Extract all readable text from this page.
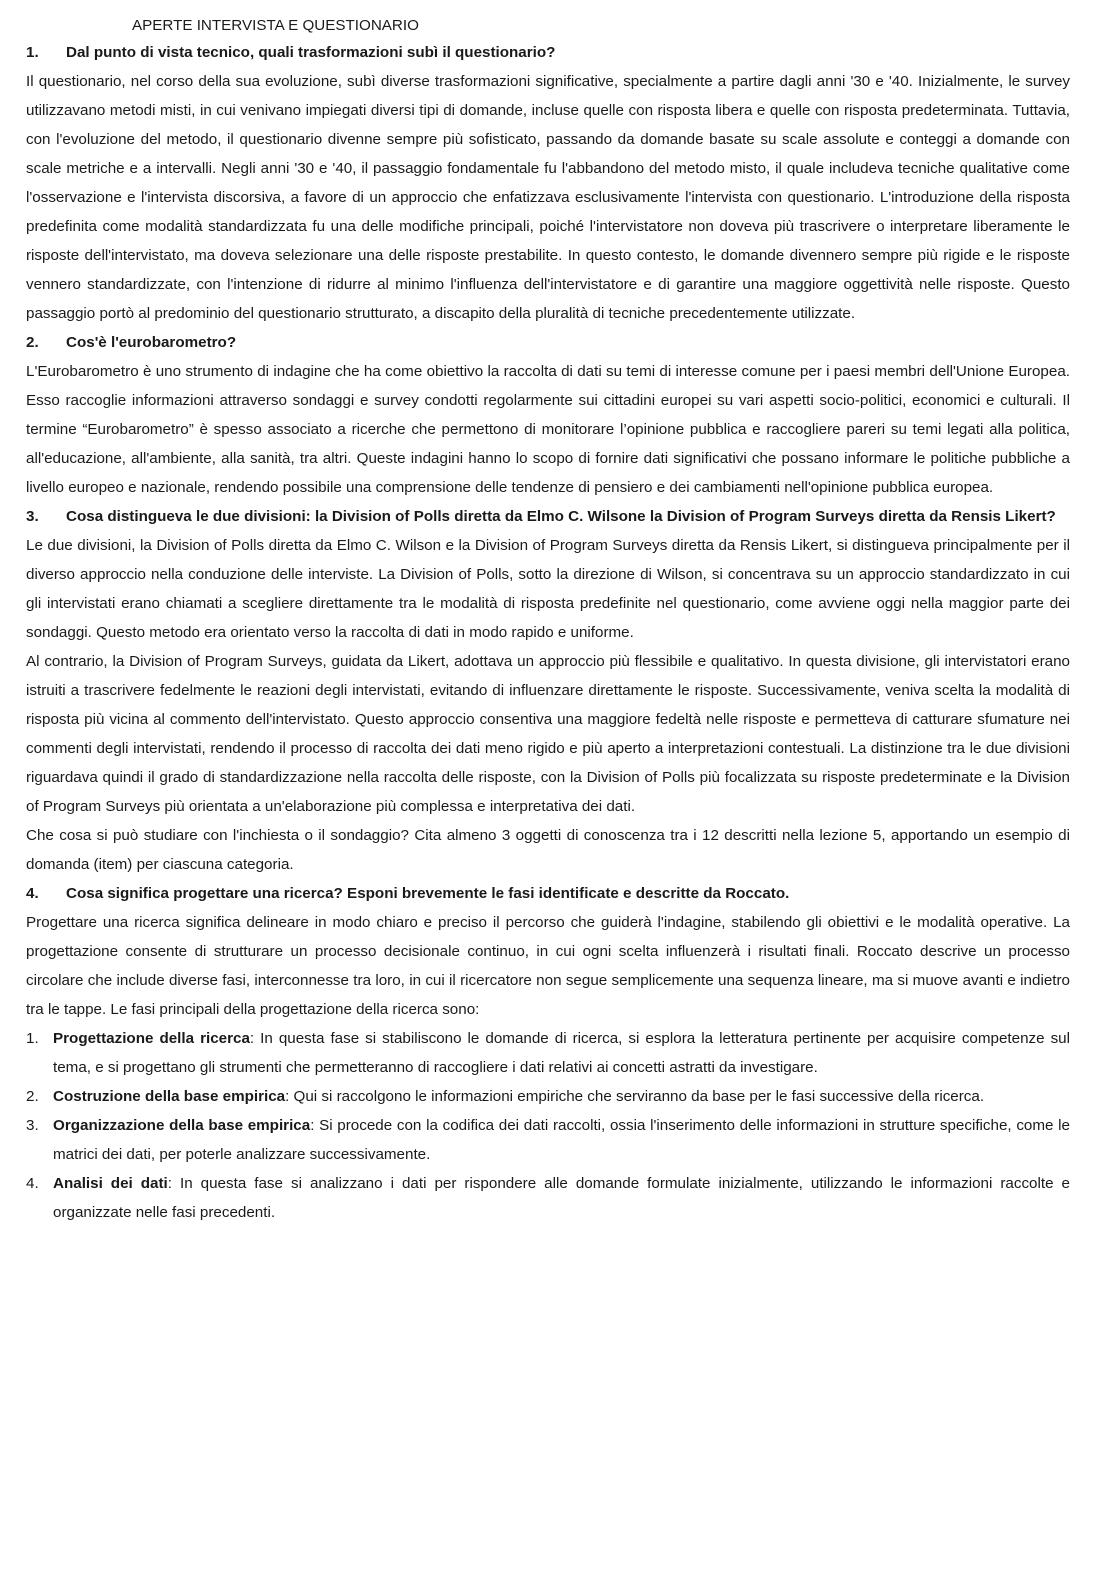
APERTE INTERVISTA E QUESTIONARIO
1.	Dal punto di vista tecnico, quali trasformazioni subì il questionario?

Il questionario, nel corso della sua evoluzione, subì diverse trasformazioni significative, specialmente a partire dagli anni '30 e '40. Inizialmente, le survey utilizzavano metodi misti, in cui venivano impiegati diversi tipi di domande, incluse quelle con risposta libera e quelle con risposta predeterminata. Tuttavia, con l'evoluzione del metodo, il questionario divenne sempre più sofisticato, passando da domande basate su scale assolute e conteggi a domande con scale metriche e a intervalli. Negli anni '30 e '40, il passaggio fondamentale fu l'abbandono del metodo misto, il quale includeva tecniche qualitative come l'osservazione e l'intervista discorsiva, a favore di un approccio che enfatizzava esclusivamente l'intervista con questionario. L'introduzione della risposta predefinita come modalità standardizzata fu una delle modifiche principali, poiché l'intervistatore non doveva più trascrivere o interpretare liberamente le risposte dell'intervistato, ma doveva selezionare una delle risposte prestabilite. In questo contesto, le domande divennero sempre più rigide e le risposte vennero standardizzate, con l'intenzione di ridurre al minimo l'influenza dell'intervistatore e di garantire una maggiore oggettività nelle risposte. Questo passaggio portò al predominio del questionario strutturato, a discapito della pluralità di tecniche precedentemente utilizzate.

2.	Cos'è l'eurobarometro?

L'Eurobarometro è uno strumento di indagine che ha come obiettivo la raccolta di dati su temi di interesse comune per i paesi membri dell'Unione Europea. Esso raccoglie informazioni attraverso sondaggi e survey condotti regolarmente sui cittadini europei su vari aspetti socio-politici, economici e culturali. Il termine “Eurobarometro” è spesso associato a ricerche che permettono di monitorare l’opinione pubblica e raccogliere pareri su temi legati alla politica, all'educazione, all'ambiente, alla sanità, tra altri. Queste indagini hanno lo scopo di fornire dati significativi che possano informare le politiche pubbliche a livello europeo e nazionale, rendendo possibile una comprensione delle tendenze di pensiero e dei cambiamenti nell'opinione pubblica europea.

3.	Cosa distingueva le due divisioni: la Division of Polls diretta da Elmo C. Wilsone la Division of Program Surveys diretta da Rensis Likert?

Le due divisioni, la Division of Polls diretta da Elmo C. Wilson e la Division of Program Surveys diretta da Rensis Likert, si distingueva principalmente per il diverso approccio nella conduzione delle interviste. La Division of Polls, sotto la direzione di Wilson, si concentrava su un approccio standardizzato in cui gli intervistati erano chiamati a scegliere direttamente tra le modalità di risposta predefinite nel questionario, come avviene oggi nella maggior parte dei sondaggi. Questo metodo era orientato verso la raccolta di dati in modo rapido e uniforme.

Al contrario, la Division of Program Surveys, guidata da Likert, adottava un approccio più flessibile e qualitativo. In questa divisione, gli intervistatori erano istruiti a trascrivere fedelmente le reazioni degli intervistati, evitando di influenzare direttamente le risposte. Successivamente, veniva scelta la modalità di risposta più vicina al commento dell'intervistato. Questo approccio consentiva una maggiore fedeltà nelle risposte e permetteva di catturare sfumature nei commenti degli intervistati, rendendo il processo di raccolta dei dati meno rigido e più aperto a interpretazioni contestuali. La distinzione tra le due divisioni riguardava quindi il grado di standardizzazione nella raccolta delle risposte, con la Division of Polls più focalizzata su risposte predeterminate e la Division of Program Surveys più orientata a un'elaborazione più complessa e interpretativa dei dati.

Che cosa si può studiare con l'inchiesta o il sondaggio? Cita almeno 3 oggetti di conoscenza tra i 12 descritti nella lezione 5, apportando un esempio di domanda (item) per ciascuna categoria.

4.	Cosa significa progettare una ricerca? Esponi brevemente le fasi identificate e descritte da Roccato.

Progettare una ricerca significa delineare in modo chiaro e preciso il percorso che guiderà l'indagine, stabilendo gli obiettivi e le modalità operative. La progettazione consente di strutturare un processo decisionale continuo, in cui ogni scelta influenzerà i risultati finali. Roccato descrive un processo circolare che include diverse fasi, interconnesse tra loro, in cui il ricercatore non segue semplicemente una sequenza lineare, ma si muove avanti e indietro tra le tappe. Le fasi principali della progettazione della ricerca sono:

1. Progettazione della ricerca: In questa fase si stabiliscono le domande di ricerca, si esplora la letteratura pertinente per acquisire competenze sul tema, e si progettano gli strumenti che permetteranno di raccogliere i dati relativi ai concetti astratti da investigare.
2. Costruzione della base empirica: Qui si raccolgono le informazioni empiriche che serviranno da base per le fasi successive della ricerca.
3. Organizzazione della base empirica: Si procede con la codifica dei dati raccolti, ossia l'inserimento delle informazioni in strutture specifiche, come le matrici dei dati, per poterle analizzare successivamente.
4. Analisi dei dati: In questa fase si analizzano i dati per rispondere alle domande formulate inizialmente, utilizzando le informazioni raccolte e organizzate nelle fasi precedenti.
